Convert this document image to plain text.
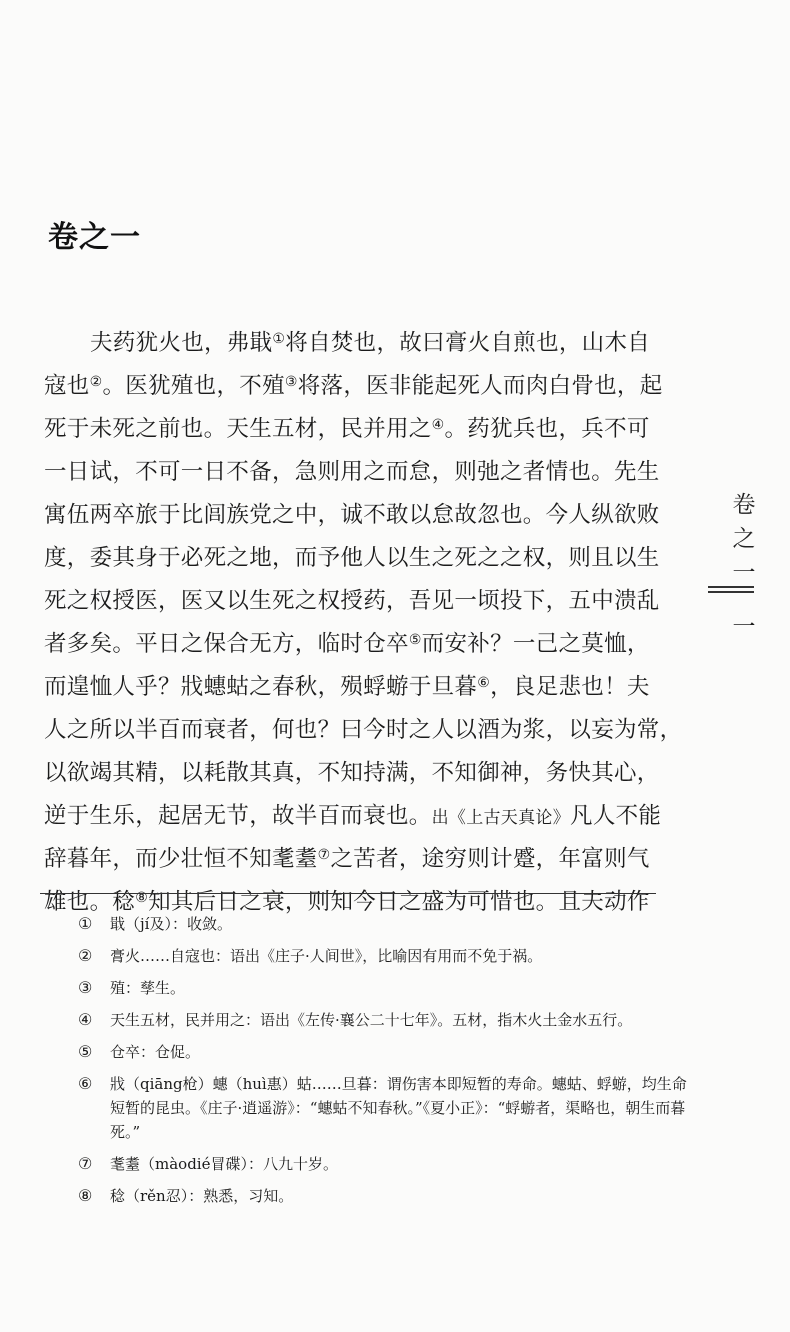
卷之一
夫药犹火也，弗戢①将自焚也，故曰膏火自煎也，山木自
寇也②。医犹殖也，不殖③将落，医非能起死人而肉白骨也，起
死于未死之前也。天生五材，民并用之④。药犹兵也，兵不可
一日试，不可一日不备，急则用之而怠，则弛之者情也。先生
寓伍两卒旅于比闾族党之中，诚不敢以怠故忽也。今人纵欲败
度，委其身于必死之地，而予他人以生之死之之权，则且以生
死之权授医，医又以生死之权授药，吾见一顷投下，五中溃乱
者多矣。平日之保合无方，临时仓卒⑤而安补？一己之莫恤，
而遑恤人乎？戕蟪蛄之春秋，殒蜉蝣于旦暮⑥，良足悲也！夫
人之所以半百而衰者，何也？曰今时之人以酒为浆，以妄为常，
以欲竭其精，以耗散其真，不知持满，不知御神，务快其心，
逆于生乐，起居无节，故半百而衰也。出《上古天真论》凡人不能
辞暮年，而少壮恒不知耄耋⑦之苦者，途穷则计蹙，年富则气
雄也。稔⑧知其后日之衰，则知今日之盛为可惜也。且夫动作
①	戢（jí及）：收敛。
②	膏火……自寇也：语出《庄子·人间世》，比喻因有用而不免于祸。
③	殖：孳生。
④	天生五材，民并用之：语出《左传·襄公二十七年》。五材，指木火土金水五行。
⑤	仓卒：仓促。
⑥	戕（qiāng枪）蟪（huì惠）蛄……旦暮：谓伤害本即短暂的寿命。蟪蛄、蜉蝣，均生命短暂的昆虫。《庄子·逍遥游》：“蟪蛄不知春秋。”《夏小正》：“蜉蝣者，渠略也，朝生而暮死。”
⑦	耄耋（màodié冒碟）：八九十岁。
⑧	稔（rěn忍）：熟悉，习知。
卷
之
一
一
